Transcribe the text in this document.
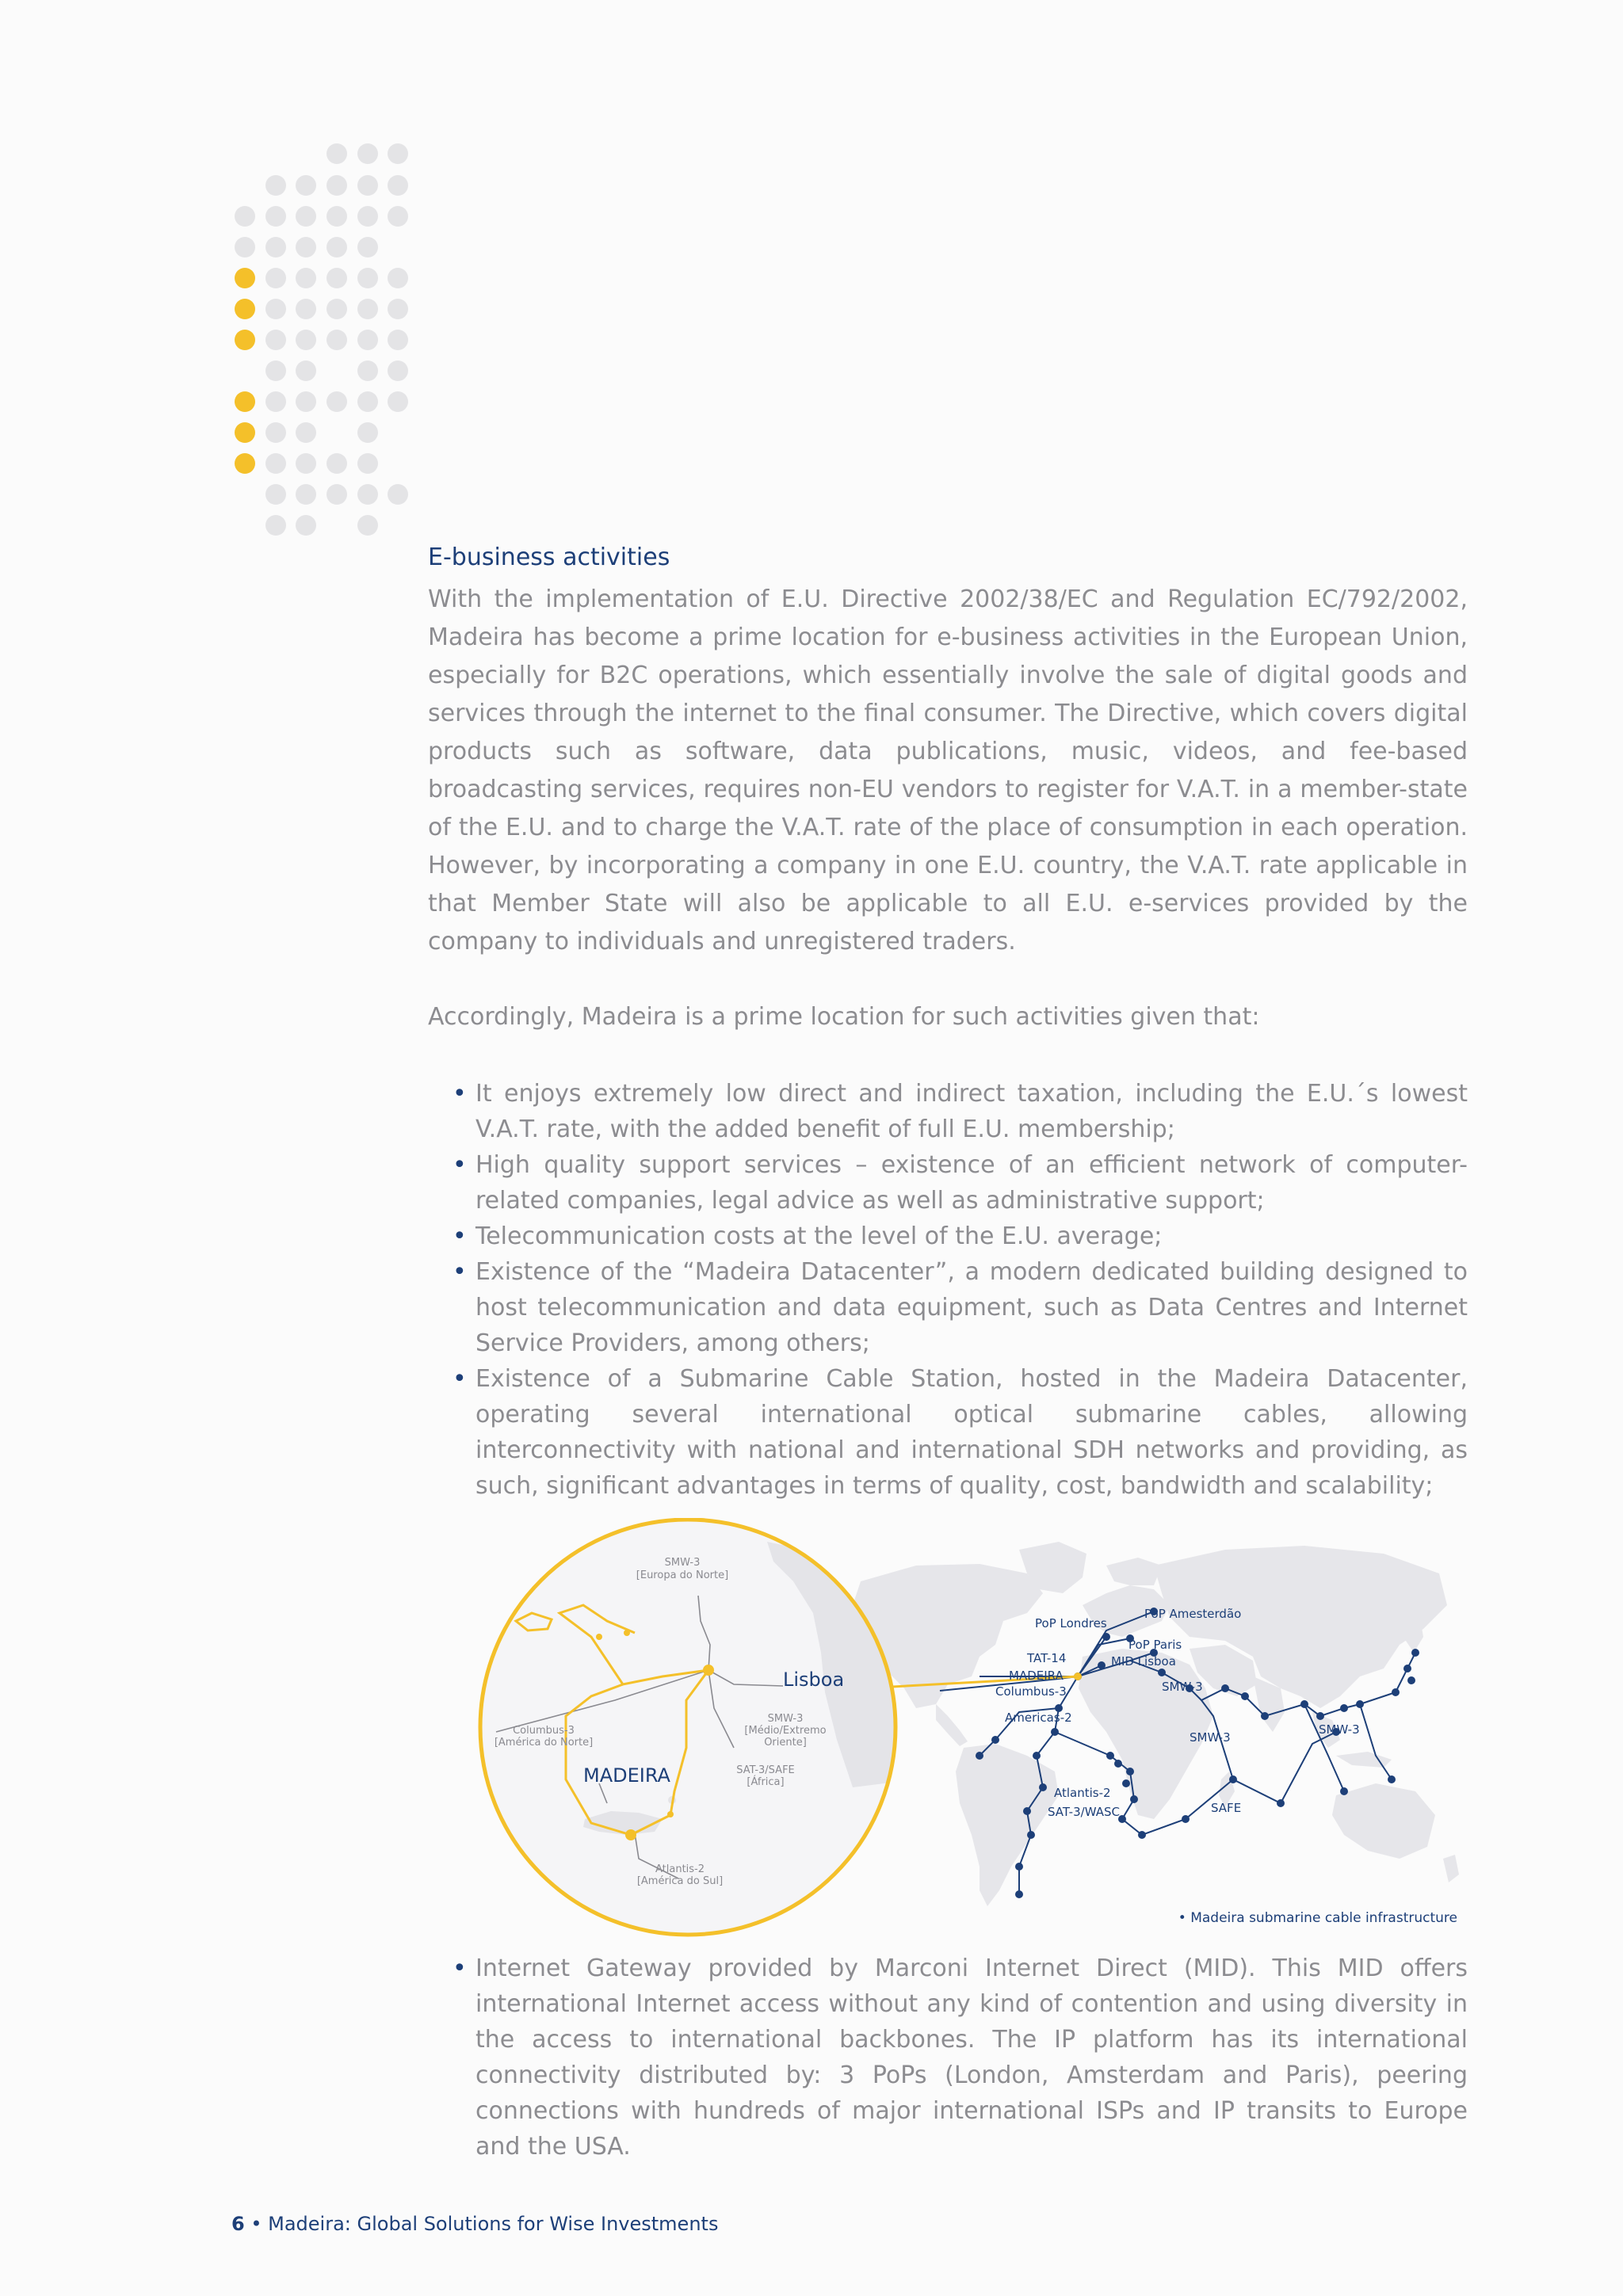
E-business activities

With the implementation of E.U. Directive 2002/38/EC and Regulation EC/792/2002, Madeira has become a prime location for e-business activities in the European Union, especially for B2C operations, which essentially involve the sale of digital goods and services through the internet to the final consumer. The Directive, which covers digital products such as software, data publications, music, videos, and fee-based broadcasting services, requires non-EU vendors to register for V.A.T. in a member-state of the E.U. and to charge the V.A.T. rate of the place of consumption in each operation. However, by incorporating a company in one E.U. country, the V.A.T. rate applicable in that Member State will also be applicable to all E.U. e-services provided by the company to individuals and unregistered traders.

Accordingly, Madeira is a prime location for such activities given that:

• It enjoys extremely low direct and indirect taxation, including the E.U.´s lowest V.A.T. rate, with the added benefit of full E.U. membership;
• High quality support services – existence of an efficient network of computer-related companies, legal advice as well as administrative support;
• Telecommunication costs at the level of the E.U. average;
• Existence of the “Madeira Datacenter”, a modern dedicated building designed to host telecommunication and data equipment, such as Data Centres and Internet Service Providers, among others;
• Existence of a Submarine Cable Station, hosted in the Madeira Datacenter, operating several international optical submarine cables, allowing interconnectivity with national and international SDH networks and providing, as such, significant advantages in terms of quality, cost, bandwidth and scalability;
PoP Londres
PoP Amesterdão
PoP Paris
TAT-14	MID Lisboa
MADEIRA
Columbus-3
Americas-2
SMW-3
SMW-3
SMW-3
Atlantis-2
SAT-3/WASC	SAFE
• Madeira submarine cable infrastructure
SMW-3
[Europa do Norte]
SMW-3
[Médio/Extremo
Oriente]
Columbus-3
[América do Norte]
SAT-3/SAFE
[África]
Atlantis-2
[América do Sul]
Lisboa
MADEIRA
• Internet Gateway provided by Marconi Internet Direct (MID). This MID offers international Internet access without any kind of contention and using diversity in the access to international backbones. The IP platform has its international connectivity distributed by: 3 PoPs (London, Amsterdam and Paris), peering connections with hundreds of major international ISPs and IP transits to Europe and the USA.
6 • Madeira: Global Solutions for Wise Investments
